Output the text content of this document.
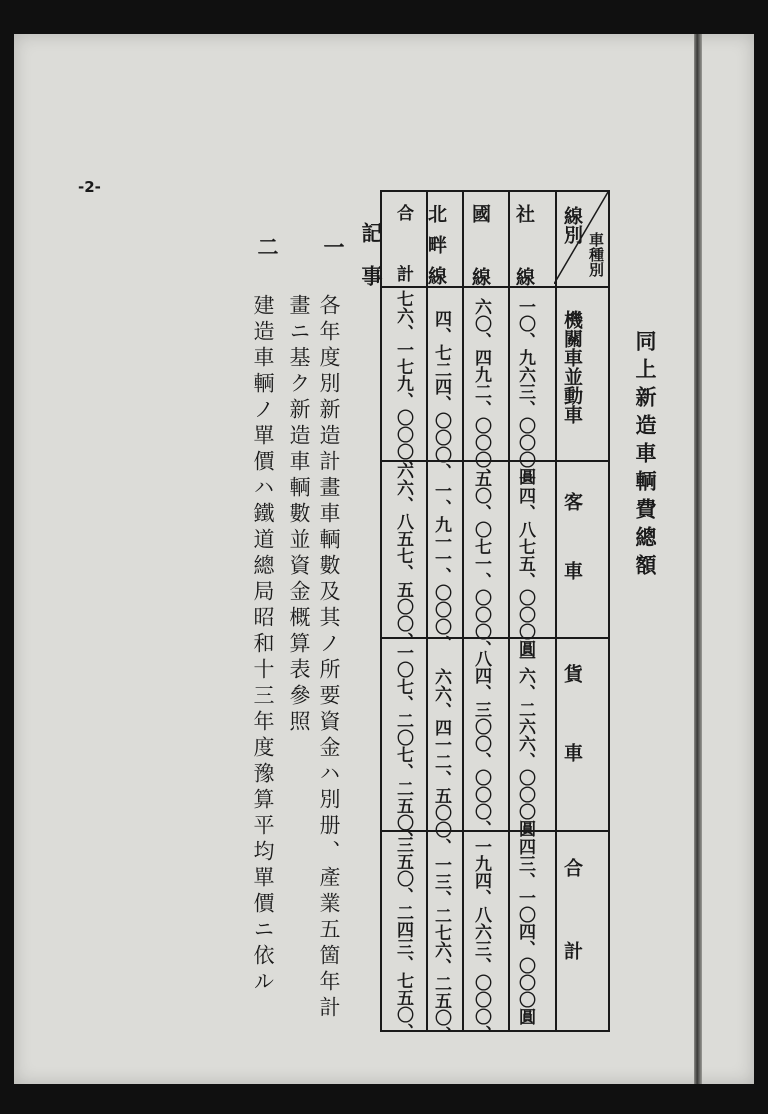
-2-
同上新造車輌費總額
線別
車種別
社線
國線
北畔線
合計
機關車並動車
客車
貨車
合計
一〇、九六三、〇〇〇圓
一四、八七五、〇〇〇圓
一六、二六六、〇〇〇圓
四三、一〇四、〇〇〇圓
六〇、四九二、〇〇〇、
五〇、〇七一、〇〇〇、
八四、三〇〇、〇〇〇、
一九四、八六三、〇〇〇、
四、七二四、〇〇〇、
一、九一一、〇〇〇、
六六、四一二、五〇〇、
一三、二七六、二五〇、
七六、一七九、〇〇〇、
六六、八五七、五〇〇、
一〇七、二〇七、二五〇、
三五〇、二四三、七五〇、
記事
一
各年度別新造計畫車輌數及其ノ所要資金ハ別册、產業五箇年計
畫ニ基ク新造車輌數並資金概算表參照
二
建造車輌ノ單價ハ鐵道總局昭和十三年度豫算平均單價ニ依ル
